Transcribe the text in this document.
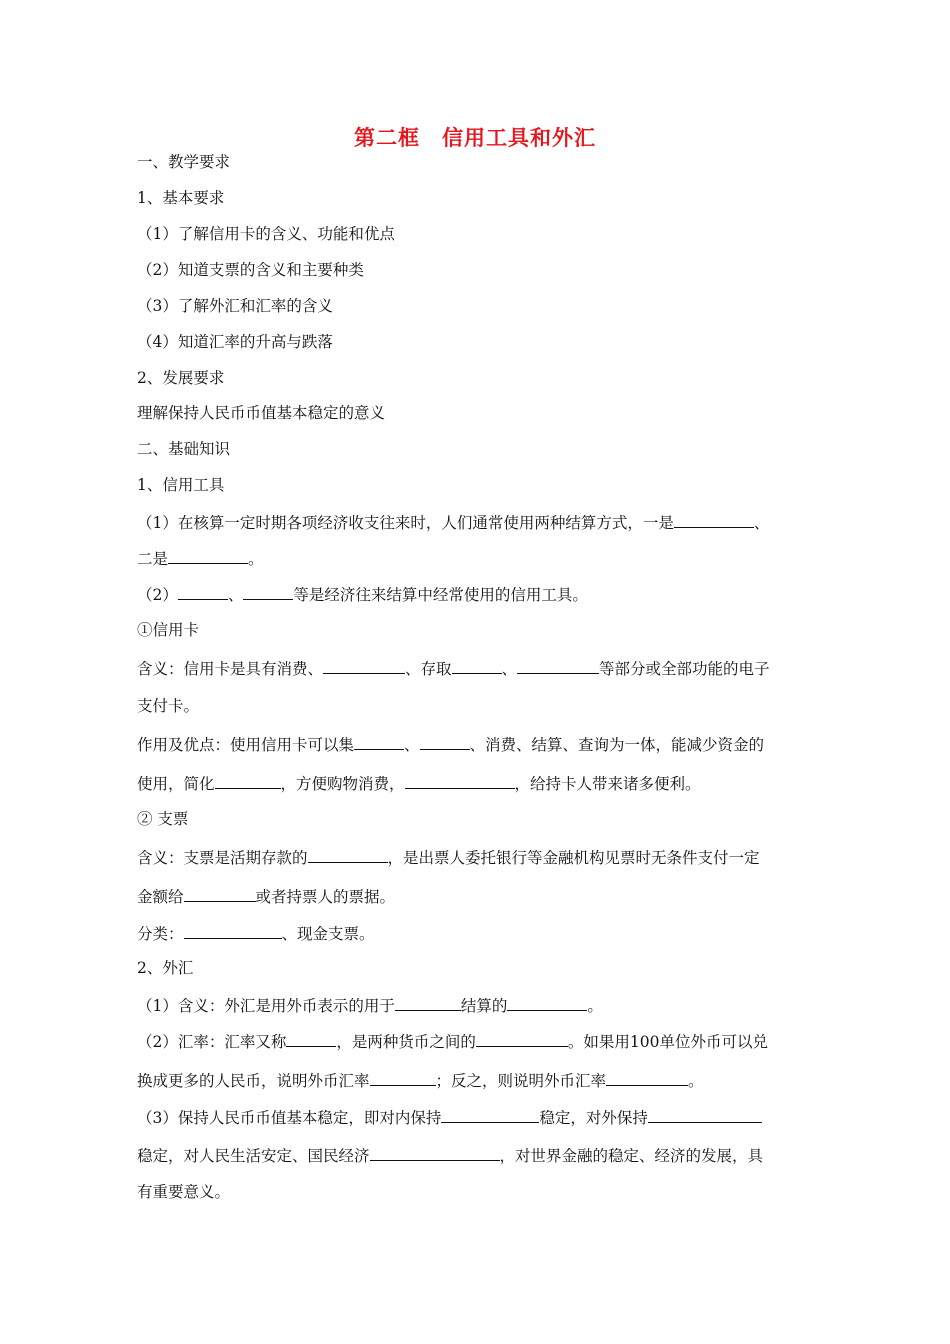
第二框　信用工具和外汇
一、教学要求
1、基本要求
（1）了解信用卡的含义、功能和优点
（2）知道支票的含义和主要种类
（3）了解外汇和汇率的含义
（4）知道汇率的升高与跌落
2、发展要求
理解保持人民币币值基本稳定的意义
二、基础知识
1、信用工具
（1）在核算一定时期各项经济收支往来时，人们通常使用两种结算方式，一是	、
二是	。
（2）	、	等是经济往来结算中经常使用的信用工具。
①信用卡
含义：信用卡是具有消费、	、存取	、	等部分或全部功能的电子
支付卡。
作用及优点：使用信用卡可以集	、	、消费、结算、查询为一体，能减少资金的
使用，简化	，方便购物消费，	，给持卡人带来诸多便利。
② 支票
含义：支票是活期存款的	，是出票人委托银行等金融机构见票时无条件支付一定
金额给	或者持票人的票据。
分类：	、现金支票。
2、外汇
（1）含义：外汇是用外币表示的用于	结算的	。
（2）汇率：汇率又称	，是两种货币之间的	。如果用100单位外币可以兑
换成更多的人民币，说明外币汇率	；反之，则说明外币汇率	。
（3）保持人民币币值基本稳定，即对内保持	稳定，对外保持
稳定，对人民生活安定、国民经济	，对世界金融的稳定、经济的发展，具
有重要意义。
